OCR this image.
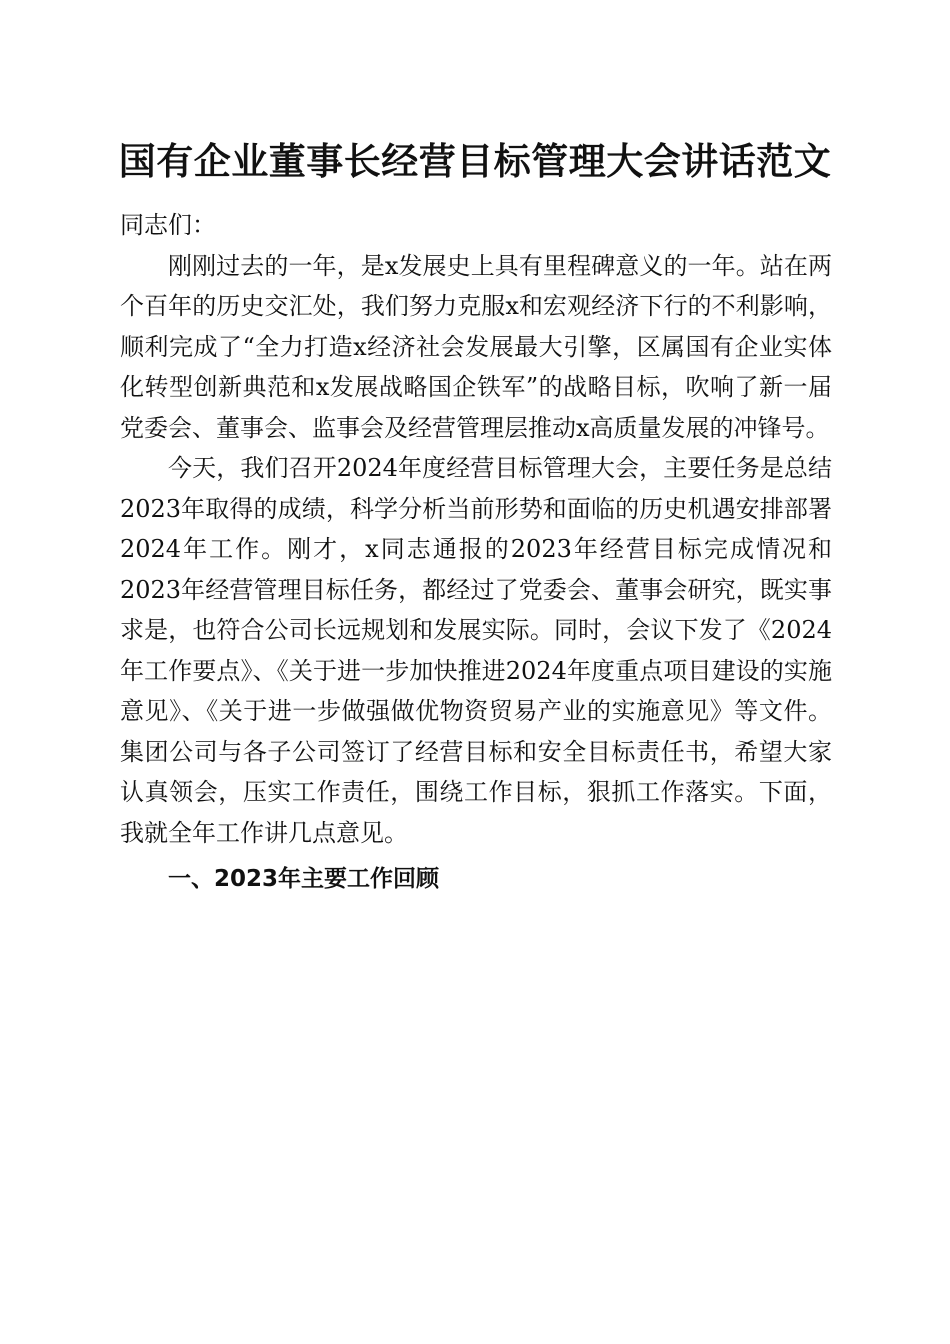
国有企业董事长经营目标管理大会讲话范文

同志们：

刚刚过去的一年，是x发展史上具有里程碑意义的一年。站在两个百年的历史交汇处，我们努力克服x和宏观经济下行的不利影响，顺利完成了“全力打造x经济社会发展最大引擎，区属国有企业实体化转型创新典范和x发展战略国企铁军”的战略目标，吹响了新一届党委会、董事会、监事会及经营管理层推动x高质量发展的冲锋号。

今天，我们召开2024年度经营目标管理大会，主要任务是总结2023年取得的成绩，科学分析当前形势和面临的历史机遇安排部署2024年工作。刚才，x同志通报的2023年经营目标完成情况和2023年经营管理目标任务，都经过了党委会、董事会研究，既实事求是，也符合公司长远规划和发展实际。同时，会议下发了《2024年工作要点》、《关于进一步加快推进2024年度重点项目建设的实施意见》、《关于进一步做强做优物资贸易产业的实施意见》等文件。集团公司与各子公司签订了经营目标和安全目标责任书，希望大家认真领会，压实工作责任，围绕工作目标，狠抓工作落实。下面，我就全年工作讲几点意见。

一、2023年主要工作回顾
